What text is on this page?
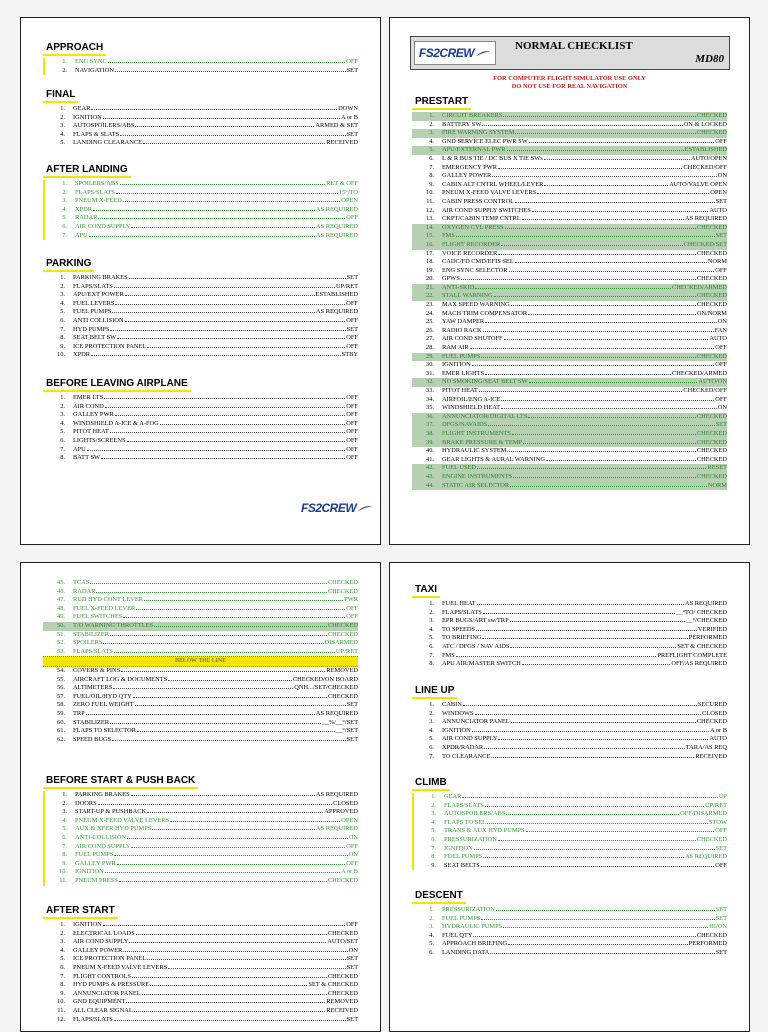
APPROACH
1.	ENG SYNC	OFF
2.	NAVIGATION	SET
FINAL
1.	GEAR	DOWN
2.	IGNITION	A or B
3.	AUTOSPOILERS/ABS	ARMED & SET
4.	FLAPS & SLATS	SET
5.	LANDING CLEARANCE	RECEIVED
AFTER LANDING
1.	SPOILERS/ABS	RET & OFF
2.	FLAPS/SLATS	15°/TO
3.	PNEUM X-FEED	OPEN
4.	XPDR	AS REQUIRED
5.	RADAR	OFF
6.	AIR COND SUPPLY	AS REQUIRED
7.	APU	AS REQUIRED
PARKING
1.	PARKING BRAKES	SET
2.	FLAPS/SLATS	UP/RET
3.	APU/EXT POWER	ESTABLISHED
4.	FUEL LEVERS	OFF
5.	FUEL PUMPS	AS REQUIRED
6.	ANTI COLLISION	OFF
7.	HYD PUMPS	SET
8.	SEAT BELT SW	OFF
9.	ICE PROTECTION PANEL	OFF
10.	XPDR	STBY
BEFORE LEAVING AIRPLANE
1.	EMER LTS	OFF
2.	AIR COND	OFF
3.	GALLEY PWR	OFF
4.	WINDSHIELD A-ICE & A-FOG	OFF
5.	PITOT HEAT	OFF
6.	LIGHTS/SCREENS	OFF
7.	APU	OFF
8.	BATT SW	OFF
FS2CREW
FS2CREW	NORMAL CHECKLIST
MD80
FOR COMPUTER FLIGHT SIMULATOR USE ONLY
DO NOT USE FOR REAL NAVIGATION
PRESTART
1.	CIRCUIT BREAKERS	CHECKED
2.	BATTERY SW	ON & LOCKED
3.	FIRE WARNING SYSTEM	CHECKED
4.	GND SERVICE ELEC PWR SW	OFF
5.	APU/EXTERNAL PWR	ESTABLISHED
6.	L & R BUS TIE / DC BUS X TIE SWs	AUTO/OPEN
7.	EMERGENCY PWR	CHECKED/OFF
8.	GALLEY POWER	ON
9.	CABIN ALT CNTRL WHEEL/LEVER	AUTO/VALVE OPEN
10.	PNEUM X-FEED VALVE LEVERS	OPEN
11.	CABIN PRESS CONTROL	SET
12.	AIR COND SUPPLY SWITCHES	AUTO
13.	CKPT/CABIN TEMP CNTRL	AS REQUIRED
14.	OXYGEN CYL PRESS	CHECKED
15.	FMS	SET
16.	FLIGHT RECORDER	CHECKED/SET
17.	VOICE RECORDER	CHECKED
18.	CADC/FD CMD/EFIS SEL	NORM
19.	ENG SYNC SELECTOR	OFF
20.	GPWS	CHECKED
21.	ANTI-SKID	CHECKED/ARMED
22.	STALL WARNING	CHECKED
23.	MAX SPEED WARNING	CHECKED
24.	MACH TRIM COMPENSATOR	ON/NORM
25.	YAW DAMPER	ON
26.	RADIO RACK	FAN
27.	AIR COND SHUTOFF	AUTO
28.	RAM AIR	OFF
29.	FUEL PUMPS	CHECKED
30.	IGNITION	OFF
31.	EMER LIGHTS	CHECKED/ARMED
32.	NO SMOKING/SEAT BELT SW	AUTO/ON
33.	PITOT HEAT	CHECKED/OFF
34.	AIRFOIL/ENG A-ICE	OFF
35.	WINDSHIELD HEAT	ON
36.	ANNUNCIATOR/DIGITAL LTS	CHECKED
37.	DFGS/NAVAIDS	SET
38.	FLIGHT INSTRUMENTS	CHECKED
39.	BRAKE PRESSURE & TEMP	CHECKED
40.	HYDRAULIC SYSTEM	CHECKED
41.	GEAR LIGHTS & AURAL WARNING	CHECKED
42.	FUEL USED	RESET
43.	ENGINE INSTRUMENTS	CHECKED
44.	STATIC AIR SELECTOR	NORM
45.	TCAS	CHECKED
46.	RADAR	CHECKED
47.	RUD HYD CONT LEVER	PWR
48.	FUEL X-FEED LEVER	OFF
49.	FUEL SWITCHES	OFF
50.	T/O WARNING THROTTLES	CHECKED
51.	STABILIZER	CHECKED
52.	SPOILERS	DISARMED
53.	FLAPS/SLATS	UP/RET
BELOW THE LINE
54.	COVERS & PINS	REMOVED
55.	AIRCRAFT LOG & DOCUMENTS	CHECKED/ON BOARD
56.	ALTIMETERS	QNH.../SET/CHECKED
57.	FUEL/OIL/HYD QTY	CHECKED
58.	ZERO FUEL WEIGHT	SET
59.	TRP	AS REQUIRED
60.	STABILIZER	__%/__°/SET
61.	FLAPS TO SELECTOR	__°/SET
62.	SPEED BUGS	SET
BEFORE START & PUSH BACK
1.	PARKING BRAKES	AS REQUIRED
2.	DOORS	CLOSED
3.	START-UP & PUSHBACK	APPROVED
4.	PNEUM X-FEED VALVE LEVERS	OPEN
5.	AUX & XFER HYD PUMPS	AS REQUIRED
6.	ANTI-COLLISION	ON
7.	AIR COND SUPPLY	OFF
8.	FUEL PUMPS	ON
9.	GALLEY PWR	OFF
10.	IGNITION	A or B
11.	PNEUM PRESS	CHECKED
AFTER START
1.	IGNITION	OFF
2.	ELECTRICAL LOADS	CHECKED
3.	AIR COND SUPPLY	AUTO/SET
4.	GALLEY POWER	ON
5.	ICE PROTECTION PANEL	SET
6.	PNEUM X-FEED VALVE LEVERS	SET
7.	FLIGHT CONTROLS	CHECKED
8.	HYD PUMPS & PRESSURE	SET & CHECKED
9.	ANNUNCIATOR PANEL	CHECKED
10.	GND EQUIPMENT	REMOVED
11.	ALL CLEAR SIGNAL	RECEIVED
12.	FLAPS/SLATS	SET
TAXI
1.	FUEL HEAT	AS REQUIRED
2.	FLAPS/SLATS	__°TO/ CHECKED
3.	EPR BUGS/ART sw/TRP	__°/CHECKED
4.	TO SPEEDS	VERIFIED
5.	TO BRIEFING	PERFORMED
6.	ATC / DFGS / NAV AIDS	SET & CHECKED
7.	FMS	PREFLIGHT COMPLETE
8.	APU AIR/MASTER SWITCH	OFF/AS REQUIRED
LINE UP
1.	CABIN	SECURED
2.	WINDOWS	CLOSED
3.	ANNUNCIATOR PANEL	CHECKED
4.	IGNITION	A or B
5.	AIR COND SUPPLY	AUTO
6.	XPDR/RADAR	TARA/AS REQ
7.	TO CLEARANCE	RECEIVED
CLIMB
1.	GEAR	UP
2.	FLAPS/SLATS	UP/RET
3.	AUTOSPOILERS/ABS	OFF/DISARMED
4.	FLAPS TO SEL	STOW
5.	TRANS & AUX HYD PUMPS	OFF
6.	PRESSURIZATION	CHECKED
7.	IGNITION	SET
8.	FUEL PUMPS	AS REQUIRED
9.	SEAT BELTS	OFF
DESCENT
1.	PRESSURIZATION	SET
2.	FUEL PUMPS	SET
3.	HYDRAULIC PUMPS	HI/ON
4.	FUEL QTY	CHECKED
5.	APPROACH BRIEFING	PERFORMED
6.	LANDING DATA	SET
